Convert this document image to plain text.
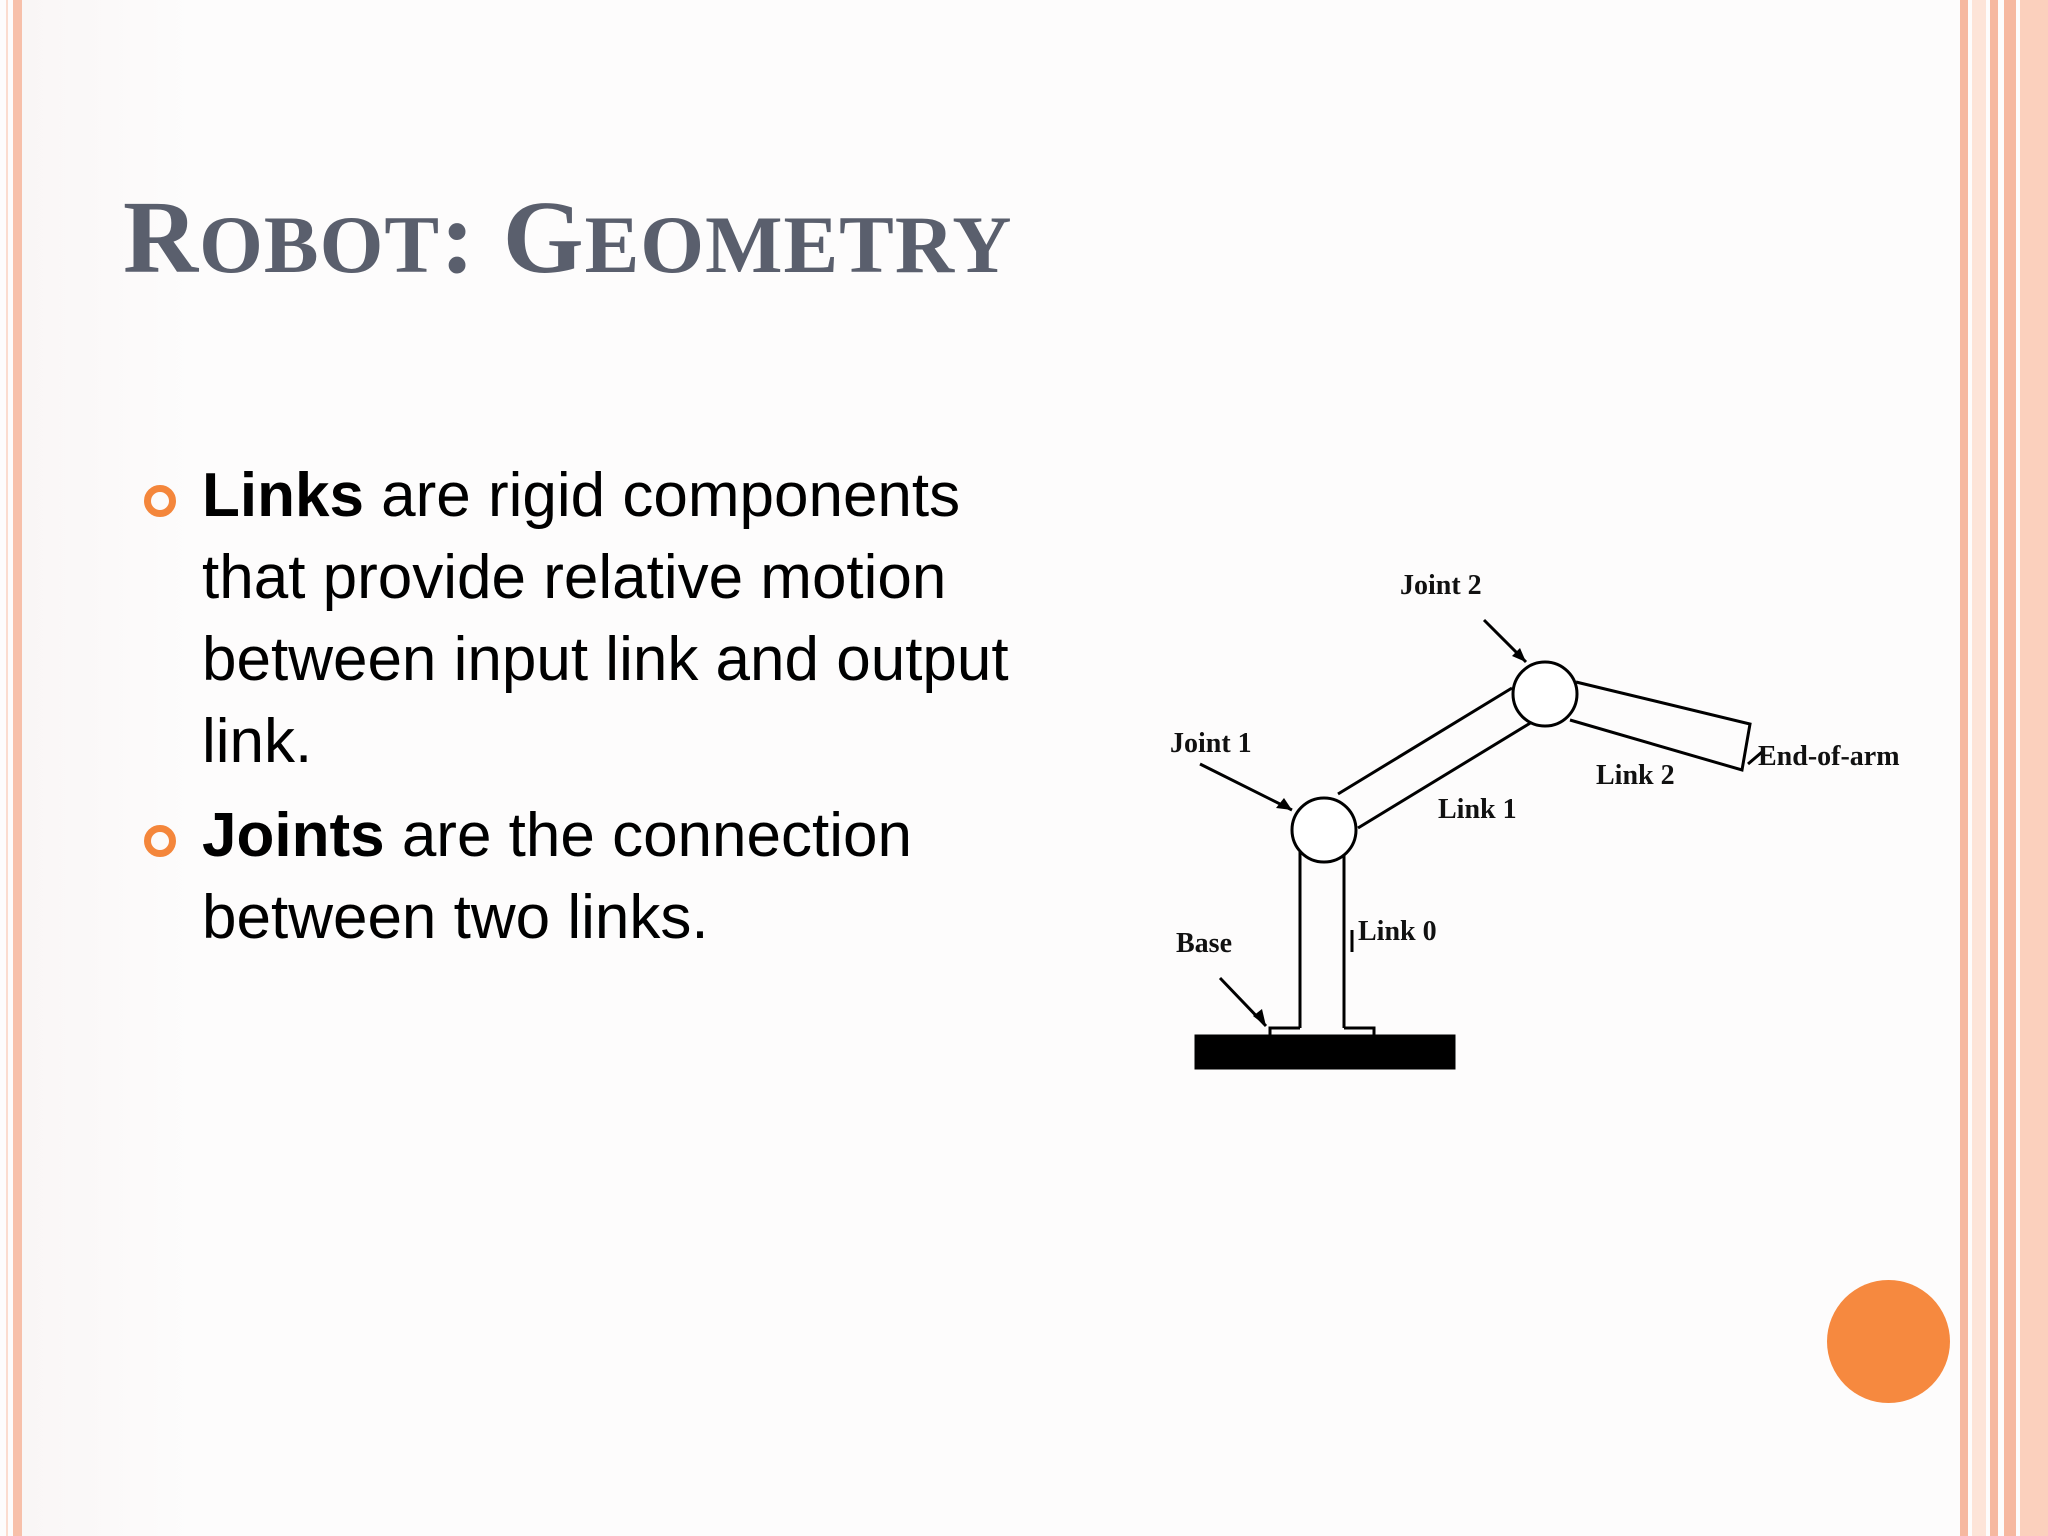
ROBOT: GEOMETRY
Links are rigid components that provide relative motion between input link and output link.
Joints are the connection between two links.
Joint 2
Joint 1	End-of-arm
Link 2
Link 1
Link 0
Base
